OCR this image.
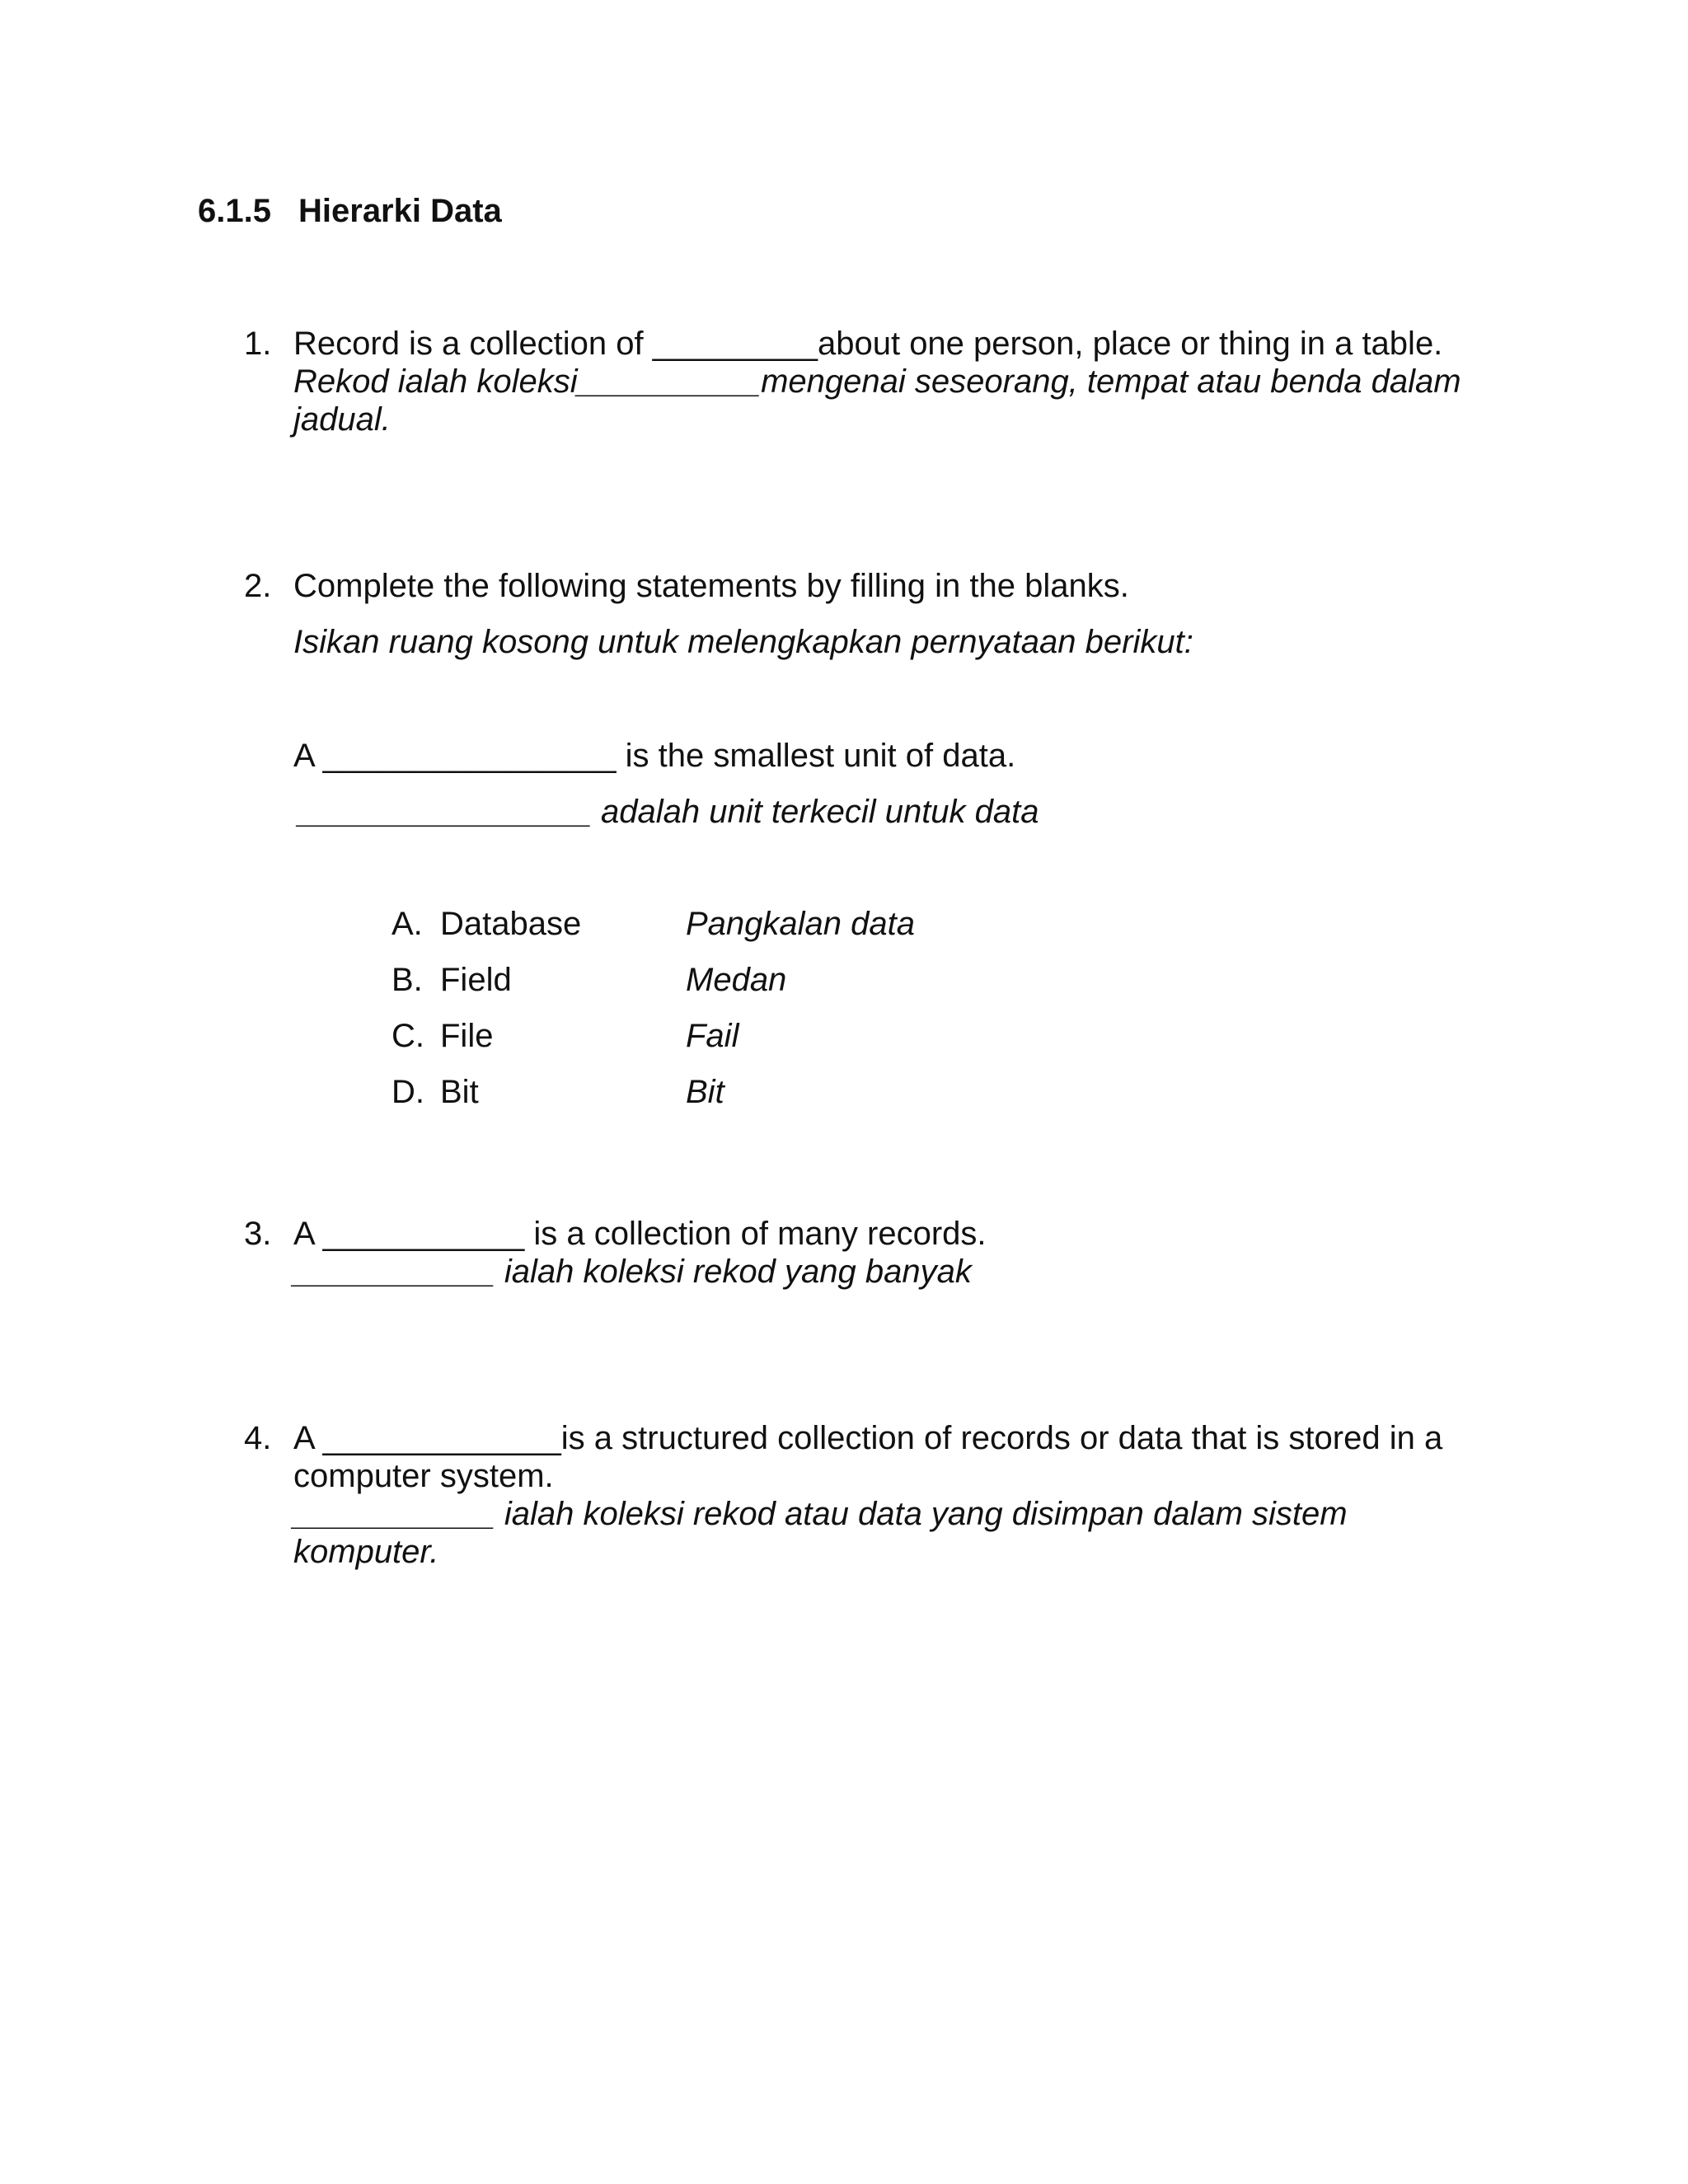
6.1.5 Hierarki Data
1. Record is a collection of _________about one person, place or thing in a table.
Rekod ialah koleksi__________mengenai seseorang, tempat atau benda dalam
jadual.
2. Complete the following statements by filling in the blanks.
Isikan ruang kosong untuk melengkapkan pernyataan berikut:
A ________________ is the smallest unit of data.
________________ adalah unit terkecil untuk data
A. Database	Pangkalan data
B. Field	Medan
C. File	Fail
D. Bit	Bit
3. A ___________ is a collection of many records.
___________ ialah koleksi rekod yang banyak
4. A _____________is a structured collection of records or data that is stored in a
computer system.
___________ ialah koleksi rekod atau data yang disimpan dalam sistem
komputer.
